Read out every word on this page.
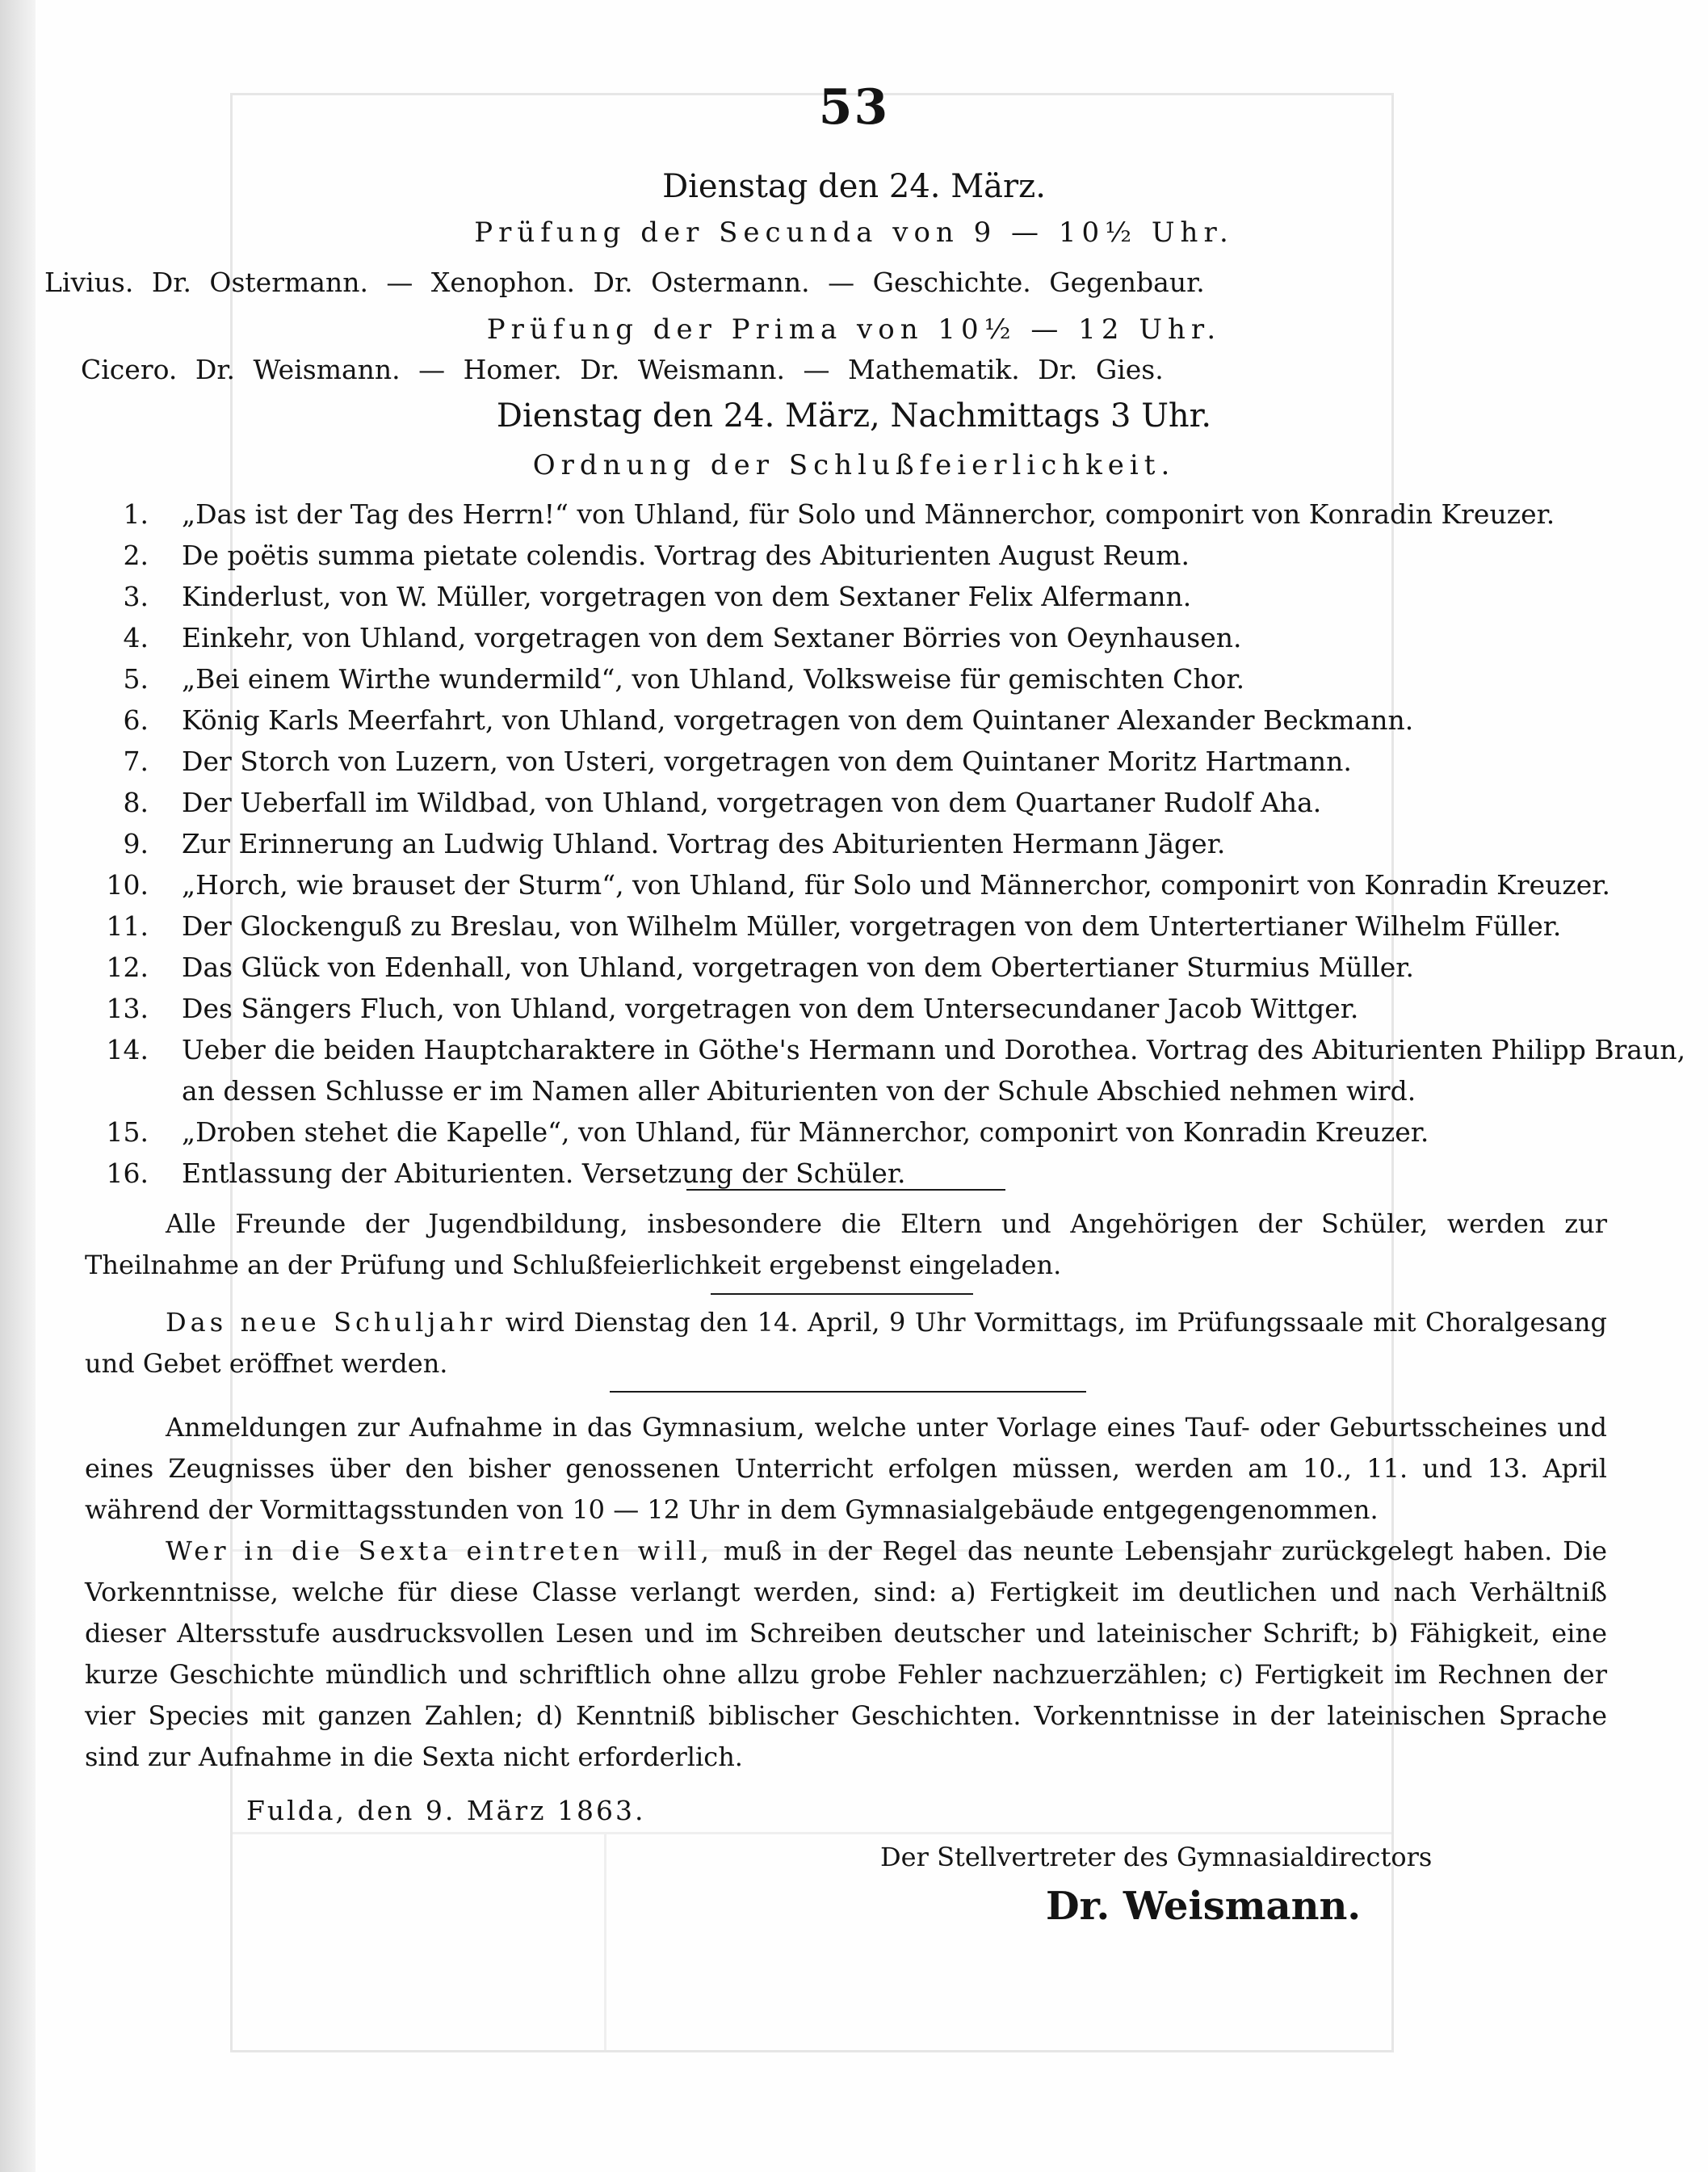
53
Dienstag den 24. März.
Prüfung der Secunda von 9 — 10½ Uhr.
Livius. Dr. Ostermann. — Xenophon. Dr. Ostermann. — Geschichte. Gegenbaur.
Prüfung der Prima von 10½ — 12 Uhr.
Cicero. Dr. Weismann. — Homer. Dr. Weismann. — Mathematik. Dr. Gies.
Dienstag den 24. März, Nachmittags 3 Uhr.
Ordnung der Schlußfeierlichkeit.
1. „Das ist der Tag des Herrn!“ von Uhland, für Solo und Männerchor, componirt von Konradin Kreuzer.
2. De poëtis summa pietate colendis. Vortrag des Abiturienten August Reum.
3. Kinderlust, von W. Müller, vorgetragen von dem Sextaner Felix Alfermann.
4. Einkehr, von Uhland, vorgetragen von dem Sextaner Börries von Oeynhausen.
5. „Bei einem Wirthe wundermild“, von Uhland, Volksweise für gemischten Chor.
6. König Karls Meerfahrt, von Uhland, vorgetragen von dem Quintaner Alexander Beckmann.
7. Der Storch von Luzern, von Usteri, vorgetragen von dem Quintaner Moritz Hartmann.
8. Der Ueberfall im Wildbad, von Uhland, vorgetragen von dem Quartaner Rudolf Aha.
9. Zur Erinnerung an Ludwig Uhland. Vortrag des Abiturienten Hermann Jäger.
10. „Horch, wie brauset der Sturm“, von Uhland, für Solo und Männerchor, componirt von Konradin Kreuzer.
11. Der Glockenguß zu Breslau, von Wilhelm Müller, vorgetragen von dem Untertertianer Wilhelm Füller.
12. Das Glück von Edenhall, von Uhland, vorgetragen von dem Obertertianer Sturmius Müller.
13. Des Sängers Fluch, von Uhland, vorgetragen von dem Untersecundaner Jacob Wittger.
14. Ueber die beiden Hauptcharaktere in Göthe's Hermann und Dorothea. Vortrag des Abiturienten Philipp Braun, an dessen Schlusse er im Namen aller Abiturienten von der Schule Abschied nehmen wird.
15. „Droben stehet die Kapelle“, von Uhland, für Männerchor, componirt von Konradin Kreuzer.
16. Entlassung der Abiturienten. Versetzung der Schüler.
Alle Freunde der Jugendbildung, insbesondere die Eltern und Angehörigen der Schüler, werden zur Theilnahme an der Prüfung und Schlußfeierlichkeit ergebenst eingeladen.
Das neue Schuljahr wird Dienstag den 14. April, 9 Uhr Vormittags, im Prüfungssaale mit Choralgesang und Gebet eröffnet werden.
Anmeldungen zur Aufnahme in das Gymnasium, welche unter Vorlage eines Tauf- oder Geburtsscheines und eines Zeugnisses über den bisher genossenen Unterricht erfolgen müssen, werden am 10., 11. und 13. April während der Vormittagsstunden von 10 — 12 Uhr in dem Gymnasialgebäude entgegengenommen.
Wer in die Sexta eintreten will, muß in der Regel das neunte Lebensjahr zurückgelegt haben. Die Vorkenntnisse, welche für diese Classe verlangt werden, sind: a) Fertigkeit im deutlichen und nach Verhältniß dieser Altersstufe ausdrucksvollen Lesen und im Schreiben deutscher und lateinischer Schrift; b) Fähigkeit, eine kurze Geschichte mündlich und schriftlich ohne allzu grobe Fehler nachzuerzählen; c) Fertigkeit im Rechnen der vier Species mit ganzen Zahlen; d) Kenntniß biblischer Geschichten. Vorkenntnisse in der lateinischen Sprache sind zur Aufnahme in die Sexta nicht erforderlich.
Fulda, den 9. März 1863.
Der Stellvertreter des Gymnasialdirectors
Dr. Weismann.
